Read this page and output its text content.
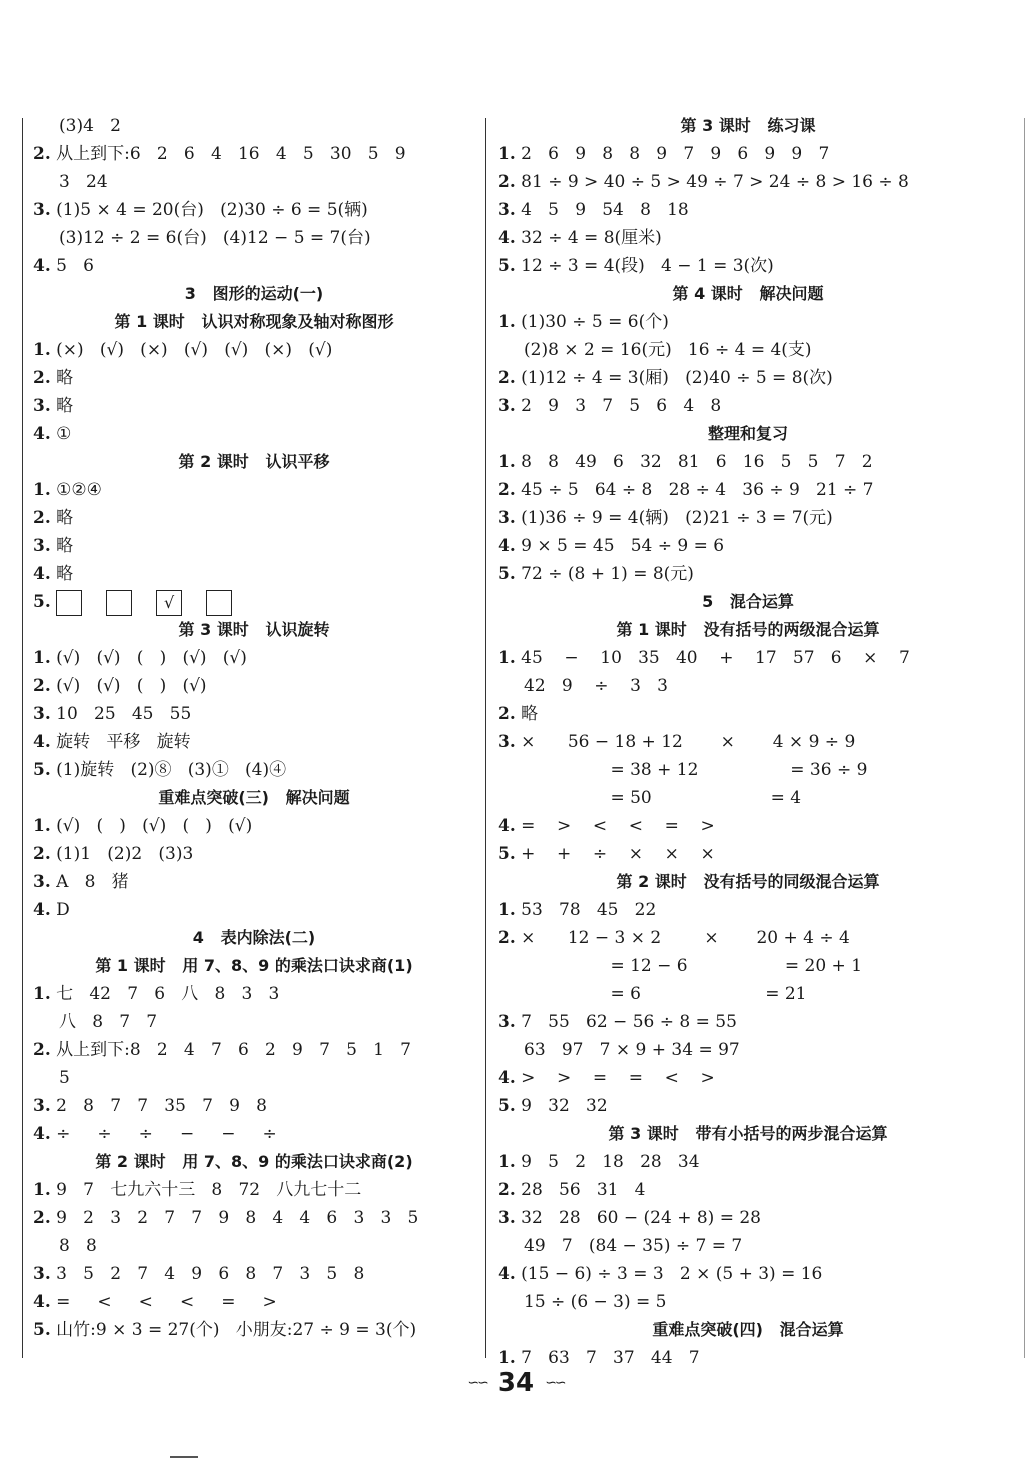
(3)4   2
2. 从上到下:6   2   6   4   16   4   5   30   5   9
3   24
3. (1)5 × 4 = 20(台)   (2)30 ÷ 6 = 5(辆)
(3)12 ÷ 2 = 6(台)   (4)12 − 5 = 7(台)
4. 5   6
3   图形的运动(一)
第 1 课时   认识对称现象及轴对称图形
1. (×)   (√)   (×)   (√)   (√)   (×)   (√)
2. 略
3. 略
4. ①
第 2 课时   认识平移
1. ①②④
2. 略
3. 略
4. 略
5.	√
第 3 课时   认识旋转
1. (√)   (√)   (   )   (√)   (√)
2. (√)   (√)   (   )   (√)
3. 10   25   45   55
4. 旋转   平移   旋转
5. (1)旋转   (2)⑧   (3)①   (4)④
重难点突破(三)   解决问题
1. (√)   (   )   (√)   (   )   (√)
2. (1)1   (2)2   (3)3
3. A   8   猪
4. D
4   表内除法(二)
第 1 课时   用 7、8、9 的乘法口诀求商(1)
1. 七   42   7   6   八   8   3   3
八   8   7   7
2. 从上到下:8   2   4   7   6   2   9   7   5   1   7
5
3. 2   8   7   7   35   7   9   8
4. ÷     ÷     ÷     −     −     ÷
第 2 课时   用 7、8、9 的乘法口诀求商(2)
1. 9   7   七九六十三   8   72   八九七十二
2. 9   2   3   2   7   7   9   8   4   4   6   3   3   5
8   8
3. 3   5   2   7   4   9   6   8   7   3   5   8
4. =     <     <     <     =     >
5. 山竹:9 × 3 = 27(个)   小朋友:27 ÷ 9 = 3(个)
第 3 课时   练习课
1. 2   6   9   8   8   9   7   9   6   9   9   7
2. 81 ÷ 9 > 40 ÷ 5 > 49 ÷ 7 > 24 ÷ 8 > 16 ÷ 8
3. 4   5   9   54   8   18
4. 32 ÷ 4 = 8(厘米)
5. 12 ÷ 3 = 4(段)   4 − 1 = 3(次)
第 4 课时   解决问题
1. (1)30 ÷ 5 = 6(个)
(2)8 × 2 = 16(元)   16 ÷ 4 = 4(支)
2. (1)12 ÷ 4 = 3(厢)   (2)40 ÷ 5 = 8(次)
3. 2   9   3   7   5   6   4   8
整理和复习
1. 8   8   49   6   32   81   6   16   5   5   7   2
2. 45 ÷ 5   64 ÷ 8   28 ÷ 4   36 ÷ 9   21 ÷ 7
3. (1)36 ÷ 9 = 4(辆)   (2)21 ÷ 3 = 7(元)
4. 9 × 5 = 45   54 ÷ 9 = 6
5. 72 ÷ (8 + 1) = 8(元)
5   混合运算
第 1 课时   没有括号的两级混合运算
1. 45    −    10   35   40    +    17   57   6    ×    7
42   9    ÷    3   3
2. 略
3. ×      56 − 18 + 12       ×       4 × 9 ÷ 9
= 38 + 12                 = 36 ÷ 9
= 50                      = 4
4. =    >    <    <    =    >
5. +    +    ÷    ×    ×    ×
第 2 课时   没有括号的同级混合运算
1. 53   78   45   22
2. ×      12 − 3 × 2        ×       20 + 4 ÷ 4
= 12 − 6                  = 20 + 1
= 6                       = 21
3. 7   55   62 − 56 ÷ 8 = 55
63   97   7 × 9 + 34 = 97
4. >    >    =    =    <    >
5. 9   32   32
第 3 课时   带有小括号的两步混合运算
1. 9   5   2   18   28   34
2. 28   56   31   4
3. 32   28   60 − (24 + 8) = 28
49   7   (84 − 35) ÷ 7 = 7
4. (15 − 6) ÷ 3 = 3   2 × (5 + 3) = 16
15 ÷ (6 − 3) = 5
重难点突破(四)   混合运算
1. 7   63   7   37   44   7
∽∽ 34 ∽∽
